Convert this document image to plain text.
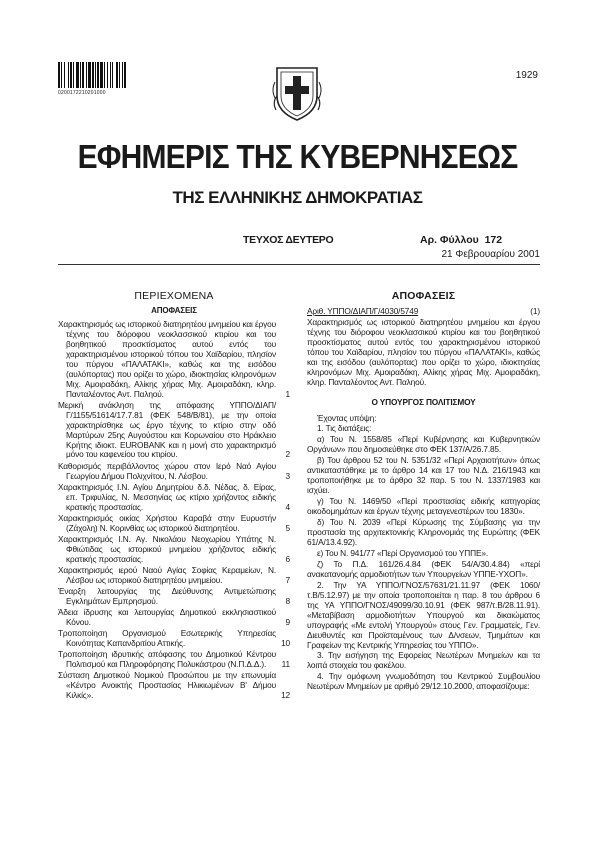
0200172210201000
1929
ΕΦΗΜΕΡΙΣ ΤΗΣ ΚΥΒΕΡΝΗΣΕΩΣ
ΤΗΣ ΕΛΛΗΝΙΚΗΣ ΔΗΜΟΚΡΑΤΙΑΣ
ΤΕΥΧΟΣ ΔΕΥΤΕΡΟ	Αρ. Φύλλου 172
21 Φεβρουαρίου 2001
ΠΕΡΙΕΧΟΜΕΝΑ
ΑΠΟΦΑΣΕΙΣ
Χαρακτηρισμός ως ιστορικού διατηρητέου μνημείου και έργου τέχνης του διόροφου νεοκλασσικού κτιρίου και του βοηθητικού προσκτίσματος αυτού εντός του χαρακτηρισμένου ιστορικού τόπου του Χαϊδαρίου, πλησίον του πύργου «ΠΑΛΑΤΑΚΙ», καθώς και της εισόδου (αυλόπορτας) που ορίζει το χώρο, ιδιοκτησίας κληρονόμων Μιχ. Αμοιραδάκη, Αλίκης χήρας Μιχ. Αμοιραδάκη, κληρ. Πανταλέοντος Αντ. Παληού.	1
Μερική ανάκληση της απόφασης ΥΠΠΟ/ΔΙΑΠ/Γ/1155/51614/17.7.81 (ΦΕΚ 548/Β/81), με την οποία χαρακτηρίσθηκε ως έργο τέχνης το κτίριο στην οδό Μαρτύρων 25ης Αυγούστου και Κορωναίου στο Ηράκλειο Κρήτης ιδιοκτ. EUROBANK και η μονή στο χαρακτηρισμό μόνο του καφενείου του κτιρίου.	2
Καθορισμός περιβάλλοντος χώρου στον Ιερό Ναό Αγίου Γεωργίου Δήμου Πολιχνίτου, Ν. Λέσβου.	3
Χαρακτηρισμός Ι.Ν. Αγίου Δημητρίου δ.δ. Νέδας, δ. Είρας, επ. Τριφυλίας, Ν. Μεσσηνίας ως κτίριο χρήζοντος ειδικής κρατικής προστασίας.	4
Χαρακτηρισμός οικίας Χρήστου Καραβά στην Ευρυστήν (Ζάχολη) Ν. Κορινθίας ως ιστορικού διατηρητέου.	5
Χαρακτηρισμός Ι.Ν. Αγ. Νικολάου Νεοχωρίου Υπάτης Ν. Φθιώτιδας ως ιστορικού μνημείου χρήζοντος ειδικής κρατικής προστασίας.	6
Χαρακτηρισμός ιερού Ναού Αγίας Σοφίας Κεραμείων, Ν. Λέσβου ως ιστορικού διατηρητέου μνημείου.	7
Έναρξη λειτουργίας της Διεύθυνσης Αντιμετώπισης Εγκλημάτων Εμπρησμού.	8
Άδεια ίδρυσης και λειτουργίας Δημοτικού εκκλησιαστικού Κόνου.	9
Τροποποίηση Οργανισμού Εσωτερικής Υπηρεσίας Κοινότητας Καπανδριτίου Αττικής.	10
Τροποποίηση ιδρυτικής απόφασης του Δημοτικού Κέντρου Πολιτισμού και Πληροφόρησης Πολυκάστρου (Ν.Π.Δ.Δ.).	11
Σύσταση Δημοτικού Νομικού Προσώπου με την επωνυμία «Κέντρο Ανοικτής Προστασίας Ηλικιωμένων Β' Δήμου Κιλκίς».	12
ΑΠΟΦΑΣΕΙΣ
Αριθ. ΥΠΠΟ/ΔΙΑΠ/Γ/4030/5749	(1)
Χαρακτηρισμός ως ιστορικού διατηρητέου μνημείου και έργου τέχνης του διόροφου νεοκλασσικού κτιρίου και του βοηθητικού προσκτίσματος αυτού εντός του χαρακτηρισμένου ιστορικού τόπου του Χαϊδαρίου, πλησίον του πύργου «ΠΑΛΑΤΑΚΙ», καθώς και της εισόδου (αυλόπορτας) που ορίζει το χώρο, ιδιοκτησίας κληρονόμων Μιχ. Αμοιραδάκη, Αλίκης χήρας Μιχ. Αμοιραδάκη, κληρ. Πανταλέοντος Αντ. Παληού.
Ο ΥΠΟΥΡΓΟΣ ΠΟΛΙΤΙΣΜΟΥ
Έχοντας υπόψη:
1. Τις διατάξεις:
α) Του Ν. 1558/85 «Περί Κυβέρνησης και Κυβερνητικών Οργάνων» που δημοσιεύθηκε στο ΦΕΚ 137/Α/26.7.85.
β) Του άρθρου 52 του Ν. 5351/32 «Περί Αρχαιοτήτων» όπως αντικαταστάθηκε με το άρθρο 14 και 17 του Ν.Δ. 216/1943 και τροποποιήθηκε με το άρθρο 32 παρ. 5 του Ν. 1337/1983 και ισχύει.
γ) Του Ν. 1469/50 «Περί προστασίας ειδικής κατηγορίας οικοδομημάτων και έργων τέχνης μεταγενεστέρων του 1830».
δ) Του Ν. 2039 «Περί Κύρωσης της Σύμβασης για την προστασία της αρχιτεκτονικής Κληρονομιάς της Ευρώπης (ΦΕΚ 61/Α/13.4.92).
ε) Του Ν. 941/77 «Περί Οργανισμού του ΥΠΠΕ».
ζ) Το Π.Δ. 161/26.4.84 (ΦΕΚ 54/Α/30.4.84) «περί ανακατανομής αρμοδιοτήτων των Υπουργείων ΥΠΠΕ-ΥΧΟΠ».
2. Την ΥΑ ΥΠΠΟ/ΓΝΟΣ/57631/21.11.97 (ΦΕΚ 1060/τ.Β/5.12.97) με την οποία τροποποιείται η παρ. 8 του άρθρου 6 της ΥΑ ΥΠΠΟ/ΓΝΟΣ/49099/30.10.91 (ΦΕΚ 987/τ.Β/28.11.91). «Μεταβίβαση αρμοδιοτήτων Υπουργού και δικαιώματος υπογραφής «Με εντολή Υπουργού» στους Γεν. Γραμματείς, Γεν. Διευθυντές και Προϊσταμένους των Δ/νσεων, Τμημάτων και Γραφείων της Κεντρικής Υπηρεσίας του ΥΠΠΟ».
3. Την εισήγηση της Εφορείας Νεωτέρων Μνημείων και τα λοιπά στοιχεία του φακέλου.
4. Την ομόφωνη γνωμοδότηση του Κεντρικού Συμβουλίου Νεωτέρων Μνημείων με αριθμό 29/12.10.2000, αποφασίζουμε:
